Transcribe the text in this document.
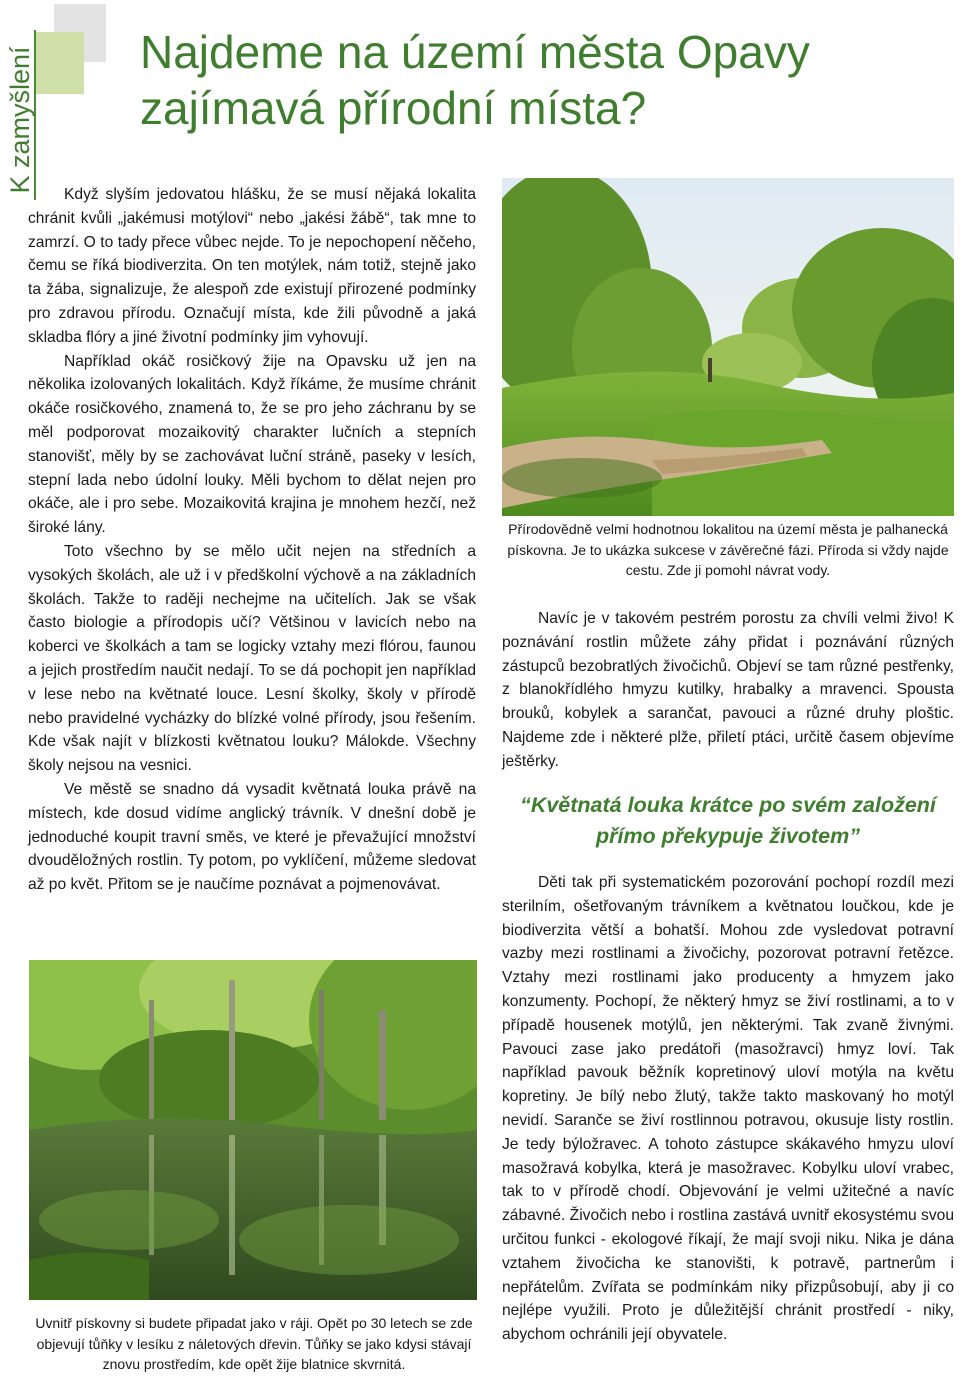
K zamyšlení Najdeme na území města Opavy
zajímavá přírodní místa?

Když slyším jedovatou hlášku, že se musí nějaká lokalita chránit kvůli „jakémusi motýlovi“ nebo „jakési žábě“, tak mne to zamrzí. O to tady přece vůbec nejde. To je nepochopení něčeho, čemu se říká biodiverzita. On ten motýlek, nám totiž, stejně jako ta žába, signalizuje, že alespoň zde existují přirozené podmínky pro zdravou přírodu. Označují místa, kde žili původně a jaká skladba flóry a jiné životní podmínky jim vyhovují.

Například okáč rosičkový žije na Opavsku už jen na několika izolovaných lokalitách. Když říkáme, že musíme chránit okáče rosičkového, znamená to, že se pro jeho záchranu by se měl podporovat mozaikovitý charakter lučních a stepních stanovišť, měly by se zachovávat luční stráně, paseky v lesích, stepní lada nebo údolní louky. Měli bychom to dělat nejen pro okáče, ale i pro sebe. Mozaikovitá krajina je mnohem hezčí, než široké lány.

Toto všechno by se mělo učit nejen na středních a vysokých školách, ale už i v předškolní výchově a na základních školách. Takže to raději nechejme na učitelích. Jak se však často biologie a přírodopis učí? Většinou v lavicích nebo na koberci ve školkách a tam se logicky vztahy mezi flórou, faunou a jejich prostředím naučit nedají. To se dá pochopit jen například v lese nebo na květnaté louce. Lesní školky, školy v přírodě nebo pravidelné vycházky do blízké volné přírody, jsou řešením. Kde však najít v blízkosti květnatou louku? Málokde. Všechny školy nejsou na vesnici.

Ve městě se snadno dá vysadit květnatá louka právě na místech, kde dosud vidíme anglický trávník. V dnešní době je jednoduché koupit travní směs, ve které je převažující množství dvouděložných rostlin. Ty potom, po vyklíčení, můžeme sledovat až po květ. Přitom se je naučíme poznávat a pojmenovávat.

Přírodovědně velmi hodnotnou lokalitou na území města je palhanecká pískovna. Je to ukázka sukcese v závěrečné fázi. Příroda si vždy najde cestu. Zde ji pomohl návrat vody.

Navíc je v takovém pestrém porostu za chvíli velmi živo! K poznávání rostlin můžete záhy přidat i poznávání různých zástupců bezobratlých živočichů. Objeví se tam různé pestřenky, z blanokřídlého hmyzu kutilky, hrabalky a mravenci. Spousta brouků, kobylek a sarančat, pavouci a různé druhy ploštic. Najdeme zde i některé plže, přiletí ptáci, určitě časem objevíme ještěrky.

“Květnatá louka krátce po svém založení přímo překypuje životem”

Děti tak při systematickém pozorování pochopí rozdíl mezi sterilním, ošetřovaným trávníkem a květnatou loučkou, kde je biodiverzita větší a bohatší. Mohou zde vysledovat potravní vazby mezi rostlinami a živočichy, pozorovat potravní řetězce. Vztahy mezi rostlinami jako producenty a hmyzem jako konzumenty. Pochopí, že některý hmyz se živí rostlinami, a to v případě housenek motýlů, jen některými. Tak zvaně živnými. Pavouci zase jako predátoři (masožravci) hmyz loví. Tak například pavouk běžník kopretinový uloví motýla na květu kopretiny. Je bílý nebo žlutý, takže takto maskovaný ho motýl nevidí. Saranče se živí rostlinnou potravou, okusuje listy rostlin. Je tedy býložravec. A tohoto zástupce skákavého hmyzu uloví masožravá kobylka, která je masožravec. Kobylku uloví vrabec, tak to v přírodě chodí. Objevování je velmi užitečné a navíc zábavné. Živočich nebo i rostlina zastává uvnitř ekosystému svou určitou funkci - ekologové říkají, že mají svoji niku. Nika je dána vztahem živočicha ke stanovišti, k potravě, partnerům i nepřátelům. Zvířata se podmínkám niky přizpůsobují, aby ji co nejlépe využili. Proto je důležitější chránit prostředí - niky, abychom ochránili její obyvatele.

Uvnitř pískovny si budete připadat jako v ráji. Opět po 30 letech se zde objevují tůňky v lesíku z náletových dřevin. Tůňky se jako kdysi stávají znovu prostředím, kde opět žije blatnice skvrnitá.
